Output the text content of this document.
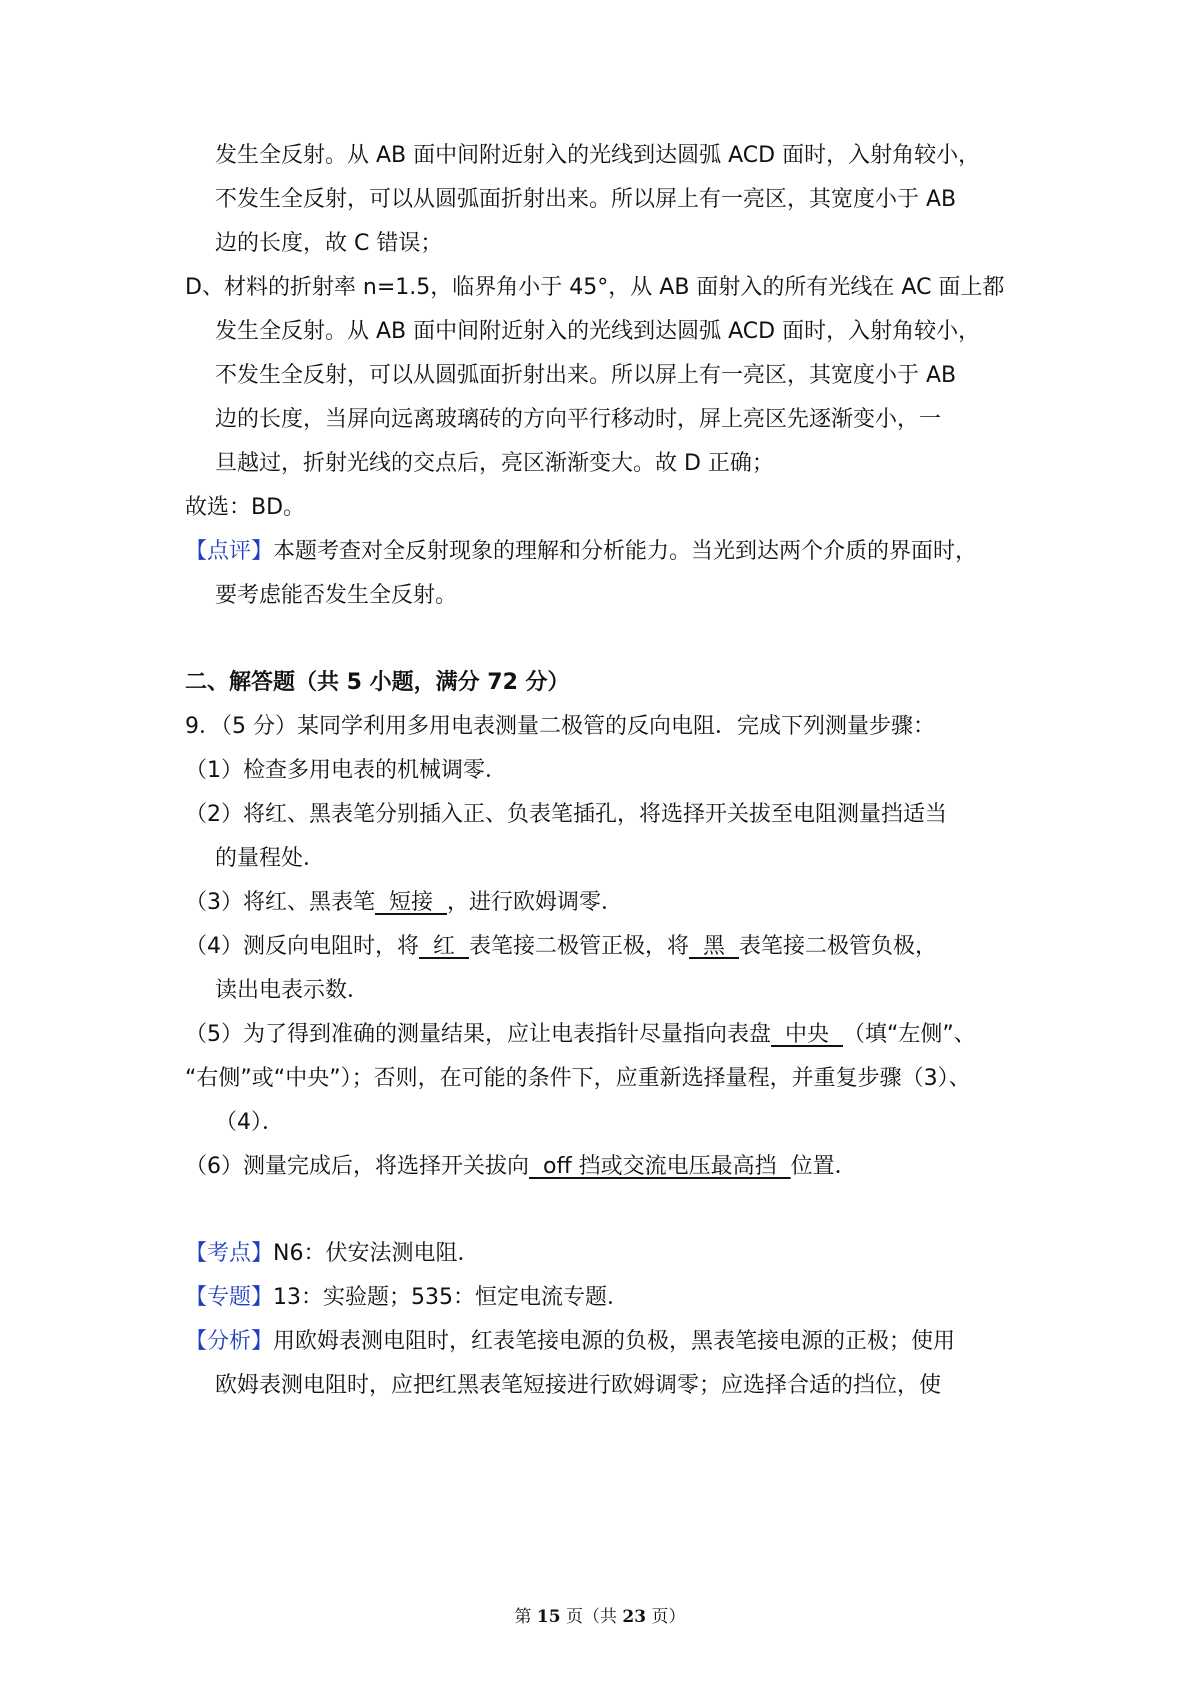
发生全反射。从 AB 面中间附近射入的光线到达圆弧 ACD 面时，入射角较小，
不发生全反射，可以从圆弧面折射出来。所以屏上有一亮区，其宽度小于 AB
边的长度，故 C 错误；
D、材料的折射率 n=1.5，临界角小于 45°，从 AB 面射入的所有光线在 AC 面上都
发生全反射。从 AB 面中间附近射入的光线到达圆弧 ACD 面时，入射角较小，
不发生全反射，可以从圆弧面折射出来。所以屏上有一亮区，其宽度小于 AB
边的长度，当屏向远离玻璃砖的方向平行移动时，屏上亮区先逐渐变小，一
旦越过，折射光线的交点后，亮区渐渐变大。故 D 正确；
故选：BD。
【点评】本题考查对全反射现象的理解和分析能力。当光到达两个介质的界面时，
要考虑能否发生全反射。
二、解答题（共 5 小题，满分 72 分）
9．（5 分）某同学利用多用电表测量二极管的反向电阻．完成下列测量步骤：
（1）检查多用电表的机械调零．
（2）将红、黑表笔分别插入正、负表笔插孔，将选择开关拔至电阻测量挡适当
的量程处．
（3）将红、黑表笔  短接  ，进行欧姆调零．
（4）测反向电阻时，将  红  表笔接二极管正极，将  黑  表笔接二极管负极，
读出电表示数．
（5）为了得到准确的测量结果，应让电表指针尽量指向表盘  中央  （填“左侧”、
“右侧”或“中央”）；否则，在可能的条件下，应重新选择量程，并重复步骤（3）、
（4）．
（6）测量完成后，将选择开关拔向  off 挡或交流电压最高挡  位置．
【考点】N6：伏安法测电阻．
【专题】13：实验题；535：恒定电流专题．
【分析】用欧姆表测电阻时，红表笔接电源的负极，黑表笔接电源的正极；使用
欧姆表测电阻时，应把红黑表笔短接进行欧姆调零；应选择合适的挡位，使
第 15 页（共 23 页）
